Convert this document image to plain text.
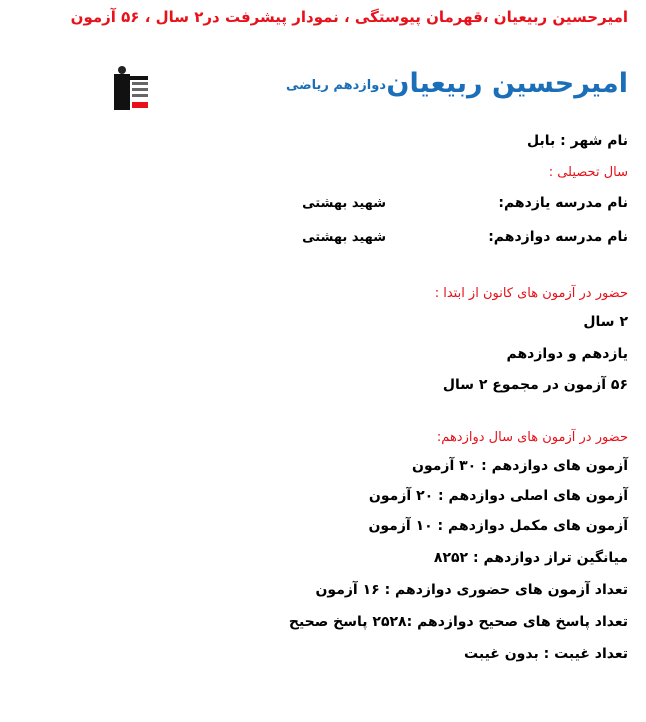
امیرحسین ربیعیان ،قهرمان پیوستگی ، نمودار پیشرفت در۲ سال ، ۵۶ آزمون
امیرحسین ربیعیان
دوازدهم ریاضی
نام شهر : بابل
سال تحصیلی :
نام مدرسه یازدهم:
شهید بهشتی
نام مدرسه دوازدهم:
شهید بهشتی
حضور در آزمون های کانون از ابتدا :
۲ سال
یازدهم و دوازدهم
۵۶ آزمون در مجموع ۲ سال
حضور در آزمون های سال دوازدهم:
آزمون های دوازدهم : ۳۰ آزمون
آزمون های اصلی دوازدهم : ۲۰ آزمون
آزمون های مکمل دوازدهم : ۱۰ آزمون
میانگین تراز دوازدهم : ۸۲۵۲
تعداد آزمون های حضوری دوازدهم : ۱۶ آزمون
تعداد پاسخ های صحیح دوازدهم :۲۵۲۸ پاسخ صحیح
تعداد غیبت : بدون غیبت
